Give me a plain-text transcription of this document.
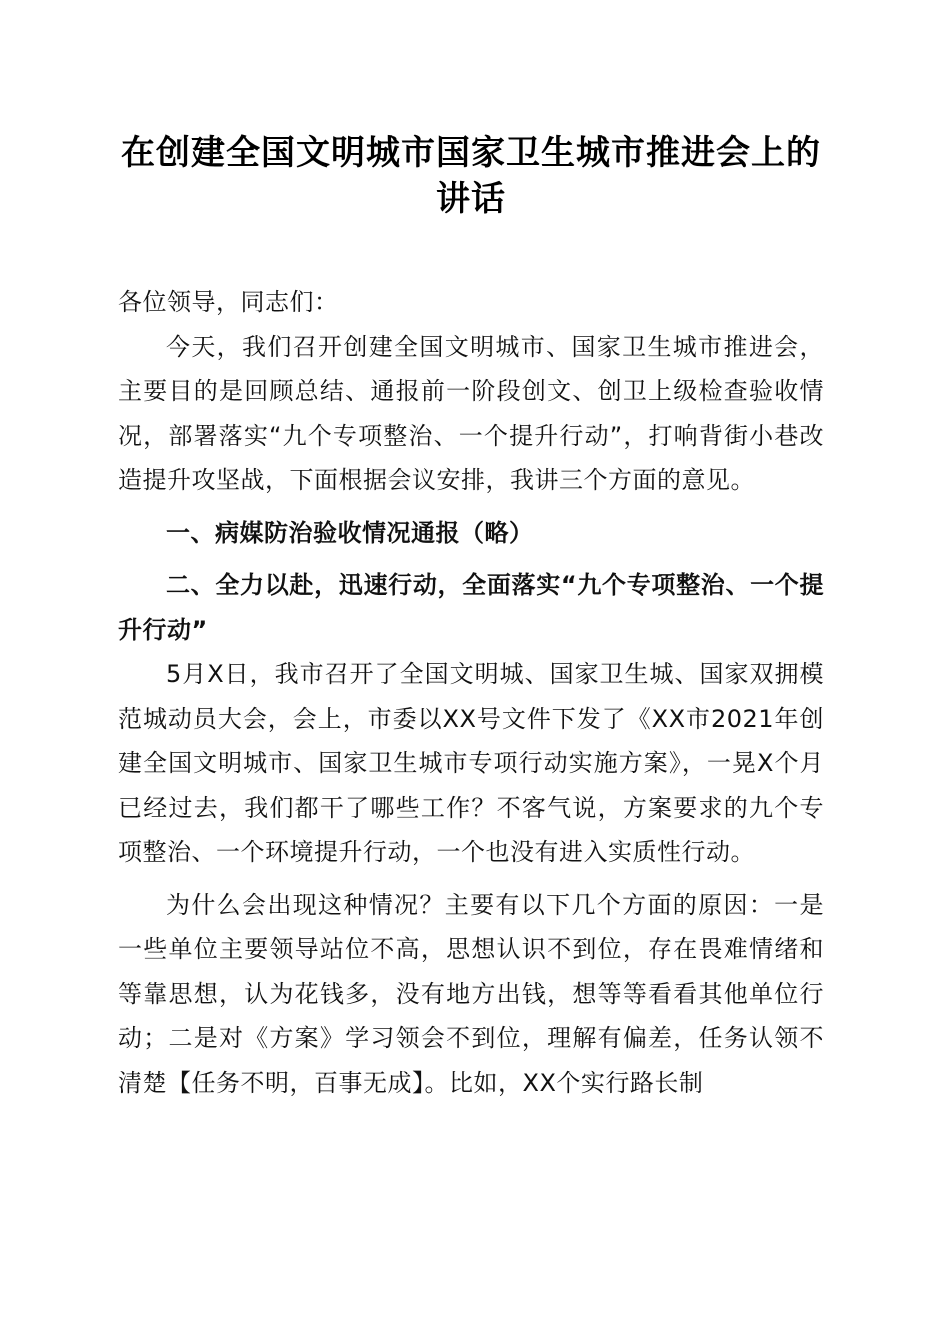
在创建全国文明城市国家卫生城市推进会上的讲话

各位领导，同志们：

今天，我们召开创建全国文明城市、国家卫生城市推进会，主要目的是回顾总结、通报前一阶段创文、创卫上级检查验收情况，部署落实“九个专项整治、一个提升行动”，打响背街小巷改造提升攻坚战，下面根据会议安排，我讲三个方面的意见。

一、病媒防治验收情况通报（略）

二、全力以赴，迅速行动，全面落实“九个专项整治、一个提升行动”

5月X日，我市召开了全国文明城、国家卫生城、国家双拥模范城动员大会，会上，市委以XX号文件下发了《XX市2021年创建全国文明城市、国家卫生城市专项行动实施方案》，一晃X个月已经过去，我们都干了哪些工作？不客气说，方案要求的九个专项整治、一个环境提升行动，一个也没有进入实质性行动。

为什么会出现这种情况？主要有以下几个方面的原因：一是一些单位主要领导站位不高，思想认识不到位，存在畏难情绪和等靠思想，认为花钱多，没有地方出钱，想等等看看其他单位行动；二是对《方案》学习领会不到位，理解有偏差，任务认领不清楚【任务不明，百事无成】。比如，XX个实行路长制
